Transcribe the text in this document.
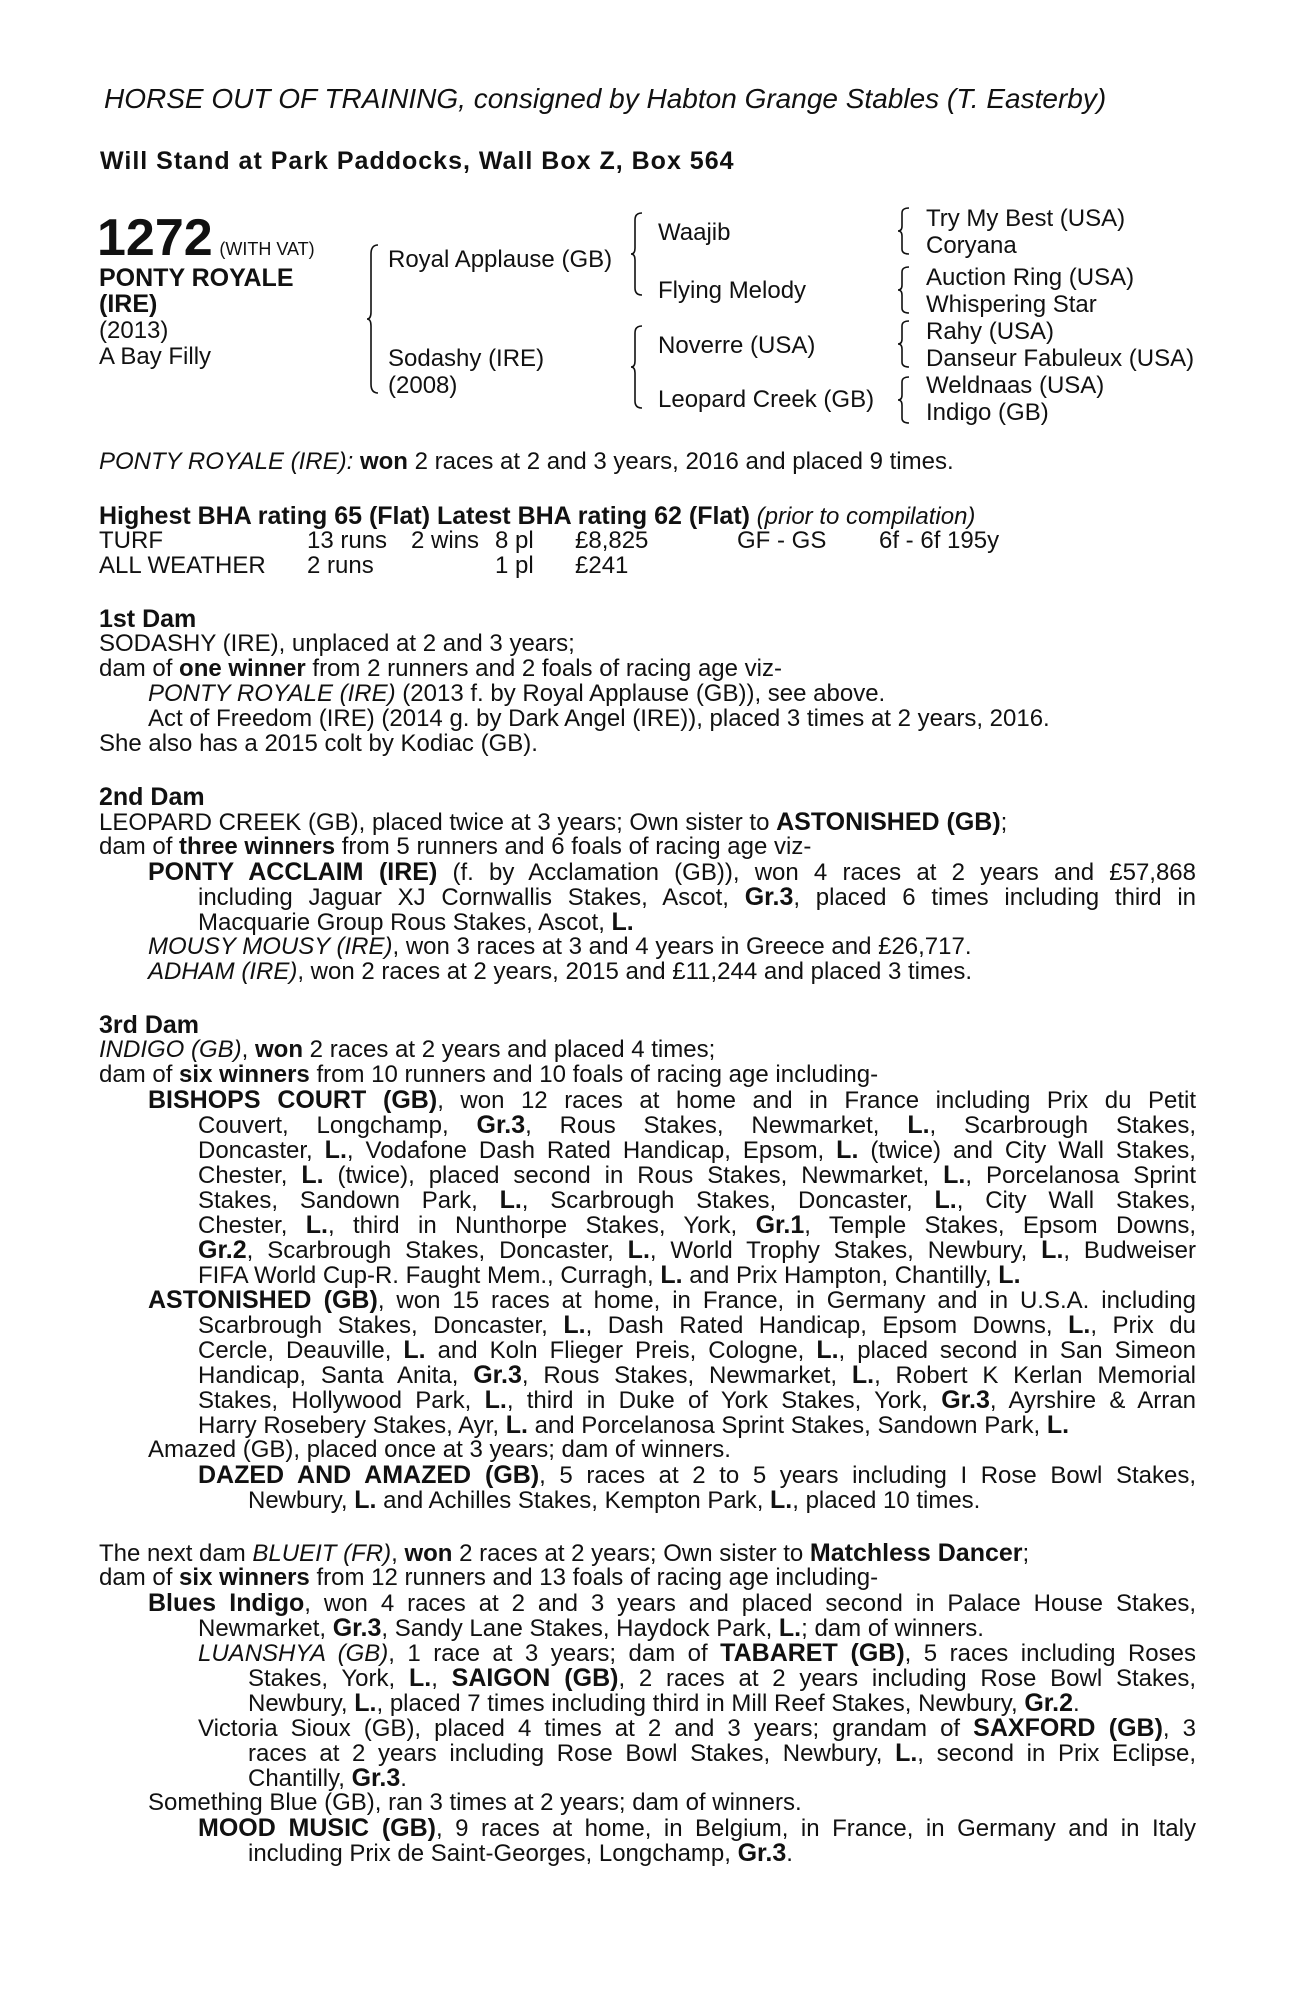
HORSE OUT OF TRAINING, consigned by Habton Grange Stables (T. Easterby)
Will Stand at Park Paddocks, Wall Box Z, Box 564
1272 (WITH VAT)
PONTY ROYALE
(IRE)
(2013)
A Bay Filly
Royal Applause (GB)
Sodashy (IRE)
(2008)
Waajib
Flying Melody
Noverre (USA)
Leopard Creek (GB)
Try My Best (USA)
Coryana
Auction Ring (USA)
Whispering Star
Rahy (USA)
Danseur Fabuleux (USA)
Weldnaas (USA)
Indigo (GB)
PONTY ROYALE (IRE): won 2 races at 2 and 3 years, 2016 and placed 9 times.
Highest BHA rating 65 (Flat) Latest BHA rating 62 (Flat) (prior to compilation)
TURF	13 runs 2 wins 8 pl £8,825	GF - GS 6f - 6f 195y
ALL WEATHER 2 runs	1 pl £241
1st Dam
SODASHY (IRE), unplaced at 2 and 3 years;
dam of one winner from 2 runners and 2 foals of racing age viz-
PONTY ROYALE (IRE) (2013 f. by Royal Applause (GB)), see above.
Act of Freedom (IRE) (2014 g. by Dark Angel (IRE)), placed 3 times at 2 years, 2016.
She also has a 2015 colt by Kodiac (GB).
2nd Dam
LEOPARD CREEK (GB), placed twice at 3 years; Own sister to ASTONISHED (GB);
dam of three winners from 5 runners and 6 foals of racing age viz-
PONTY ACCLAIM (IRE) (f. by Acclamation (GB)), won 4 races at 2 years and £57,868
including Jaguar XJ Cornwallis Stakes, Ascot, Gr.3, placed 6 times including third in
Macquarie Group Rous Stakes, Ascot, L.
MOUSY MOUSY (IRE), won 3 races at 3 and 4 years in Greece and £26,717.
ADHAM (IRE), won 2 races at 2 years, 2015 and £11,244 and placed 3 times.
3rd Dam
INDIGO (GB), won 2 races at 2 years and placed 4 times;
dam of six winners from 10 runners and 10 foals of racing age including-
BISHOPS COURT (GB), won 12 races at home and in France including Prix du Petit
Couvert, Longchamp, Gr.3, Rous Stakes, Newmarket, L., Scarbrough Stakes,
Doncaster, L., Vodafone Dash Rated Handicap, Epsom, L. (twice) and City Wall Stakes,
Chester, L. (twice), placed second in Rous Stakes, Newmarket, L., Porcelanosa Sprint
Stakes, Sandown Park, L., Scarbrough Stakes, Doncaster, L., City Wall Stakes,
Chester, L., third in Nunthorpe Stakes, York, Gr.1, Temple Stakes, Epsom Downs,
Gr.2, Scarbrough Stakes, Doncaster, L., World Trophy Stakes, Newbury, L., Budweiser
FIFA World Cup-R. Faught Mem., Curragh, L. and Prix Hampton, Chantilly, L.
ASTONISHED (GB), won 15 races at home, in France, in Germany and in U.S.A. including
Scarbrough Stakes, Doncaster, L., Dash Rated Handicap, Epsom Downs, L., Prix du
Cercle, Deauville, L. and Koln Flieger Preis, Cologne, L., placed second in San Simeon
Handicap, Santa Anita, Gr.3, Rous Stakes, Newmarket, L., Robert K Kerlan Memorial
Stakes, Hollywood Park, L., third in Duke of York Stakes, York, Gr.3, Ayrshire & Arran
Harry Rosebery Stakes, Ayr, L. and Porcelanosa Sprint Stakes, Sandown Park, L.
Amazed (GB), placed once at 3 years; dam of winners.
DAZED AND AMAZED (GB), 5 races at 2 to 5 years including I Rose Bowl Stakes,
Newbury, L. and Achilles Stakes, Kempton Park, L., placed 10 times.
The next dam BLUEIT (FR), won 2 races at 2 years; Own sister to Matchless Dancer;
dam of six winners from 12 runners and 13 foals of racing age including-
Blues Indigo, won 4 races at 2 and 3 years and placed second in Palace House Stakes,
Newmarket, Gr.3, Sandy Lane Stakes, Haydock Park, L.; dam of winners.
LUANSHYA (GB), 1 race at 3 years; dam of TABARET (GB), 5 races including Roses
Stakes, York, L., SAIGON (GB), 2 races at 2 years including Rose Bowl Stakes,
Newbury, L., placed 7 times including third in Mill Reef Stakes, Newbury, Gr.2.
Victoria Sioux (GB), placed 4 times at 2 and 3 years; grandam of SAXFORD (GB), 3
races at 2 years including Rose Bowl Stakes, Newbury, L., second in Prix Eclipse,
Chantilly, Gr.3.
Something Blue (GB), ran 3 times at 2 years; dam of winners.
MOOD MUSIC (GB), 9 races at home, in Belgium, in France, in Germany and in Italy
including Prix de Saint-Georges, Longchamp, Gr.3.
